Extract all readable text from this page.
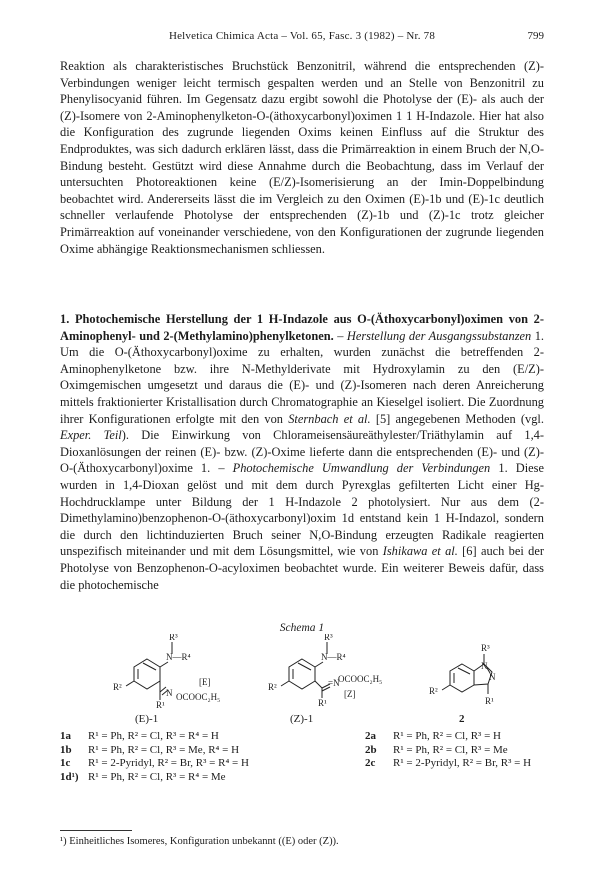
Helvetica Chimica Acta – Vol. 65, Fasc. 3 (1982) – Nr. 78	799
Reaktion als charakteristisches Bruchstück Benzonitril, während die entsprechenden (Z)-Verbindungen weniger leicht termisch gespalten werden und an Stelle von Benzonitril zu Phenylisocyanid führen. Im Gegensatz dazu ergibt sowohl die Photolyse der (E)- als auch der (Z)-Isomere von 2-Aminophenylketon-O-(äthoxycarbonyl)oximen 1 1 H-Indazole. Hier hat also die Konfiguration des zugrunde liegenden Oxims keinen Einfluss auf die Struktur des Endproduktes, was sich dadurch erklären lässt, dass die Primärreaktion in einem Bruch der N,O-Bindung besteht. Gestützt wird diese Annahme durch die Beobachtung, dass im Verlauf der untersuchten Photoreaktionen keine (E/Z)-Isomerisierung an der Imin-Doppelbindung beobachtet wird. Andererseits lässt die im Vergleich zu den Oximen (E)-1b und (E)-1c deutlich schneller verlaufende Photolyse der entsprechenden (Z)-1b und (Z)-1c trotz gleicher Primärreaktion auf voneinander verschiedene, von den Konfigurationen der zugrunde liegenden Oxime abhängige Reaktionsmechanismen schliessen.
1. Photochemische Herstellung der 1 H-Indazole aus O-(Äthoxycarbonyl)oximen von 2-Aminophenyl- und 2-(Methylamino)phenylketonen. – Herstellung der Ausgangssubstanzen 1. Um die O-(Äthoxycarbonyl)oxime zu erhalten, wurden zunächst die betreffenden 2-Aminophenylketone bzw. ihre N-Methylderivate mit Hydroxylamin zu den (E/Z)-Oximgemischen umgesetzt und daraus die (E)- und (Z)-Isomeren nach deren Anreicherung mittels fraktionierter Kristallisation durch Chromatographie an Kieselgel isoliert. Die Zuordnung ihrer Konfigurationen erfolgte mit den von Sternbach et al. [5] angegebenen Methoden (vgl. Exper. Teil). Die Einwirkung von Chlorameisensäureäthylester/Triäthylamin auf 1,4-Dioxanlösungen der reinen (E)- bzw. (Z)-Oxime lieferte dann die entsprechenden (E)- und (Z)-O-(Äthoxycarbonyl)oxime 1. – Photochemische Umwandlung der Verbindungen 1. Diese wurden in 1,4-Dioxan gelöst und mit dem durch Pyrexglas gefilterten Licht einer Hg-Hochdrucklampe unter Bildung der 1 H-Indazole 2 photolysiert. Nur aus dem (2-Dimethylamino)benzophenon-O-(äthoxycarbonyl)oxim 1d entstand kein 1 H-Indazol, sondern die durch den lichtinduzierten Bruch seiner N,O-Bindung erzeugten Radikale reagierten unspezifisch miteinander und mit dem Lösungsmittel, wie von Ishikawa et al. [6] auch bei der Photolyse von Benzophenon-O-acyloximen beobachtet wurde. Ein weiterer Beweis dafür, dass die photochemische
Schema 1
R³
N—R⁴
[E]
N OCOOC₂H₅
R¹
R²
R³
N—R⁴
=N
OCOOC₂H₅
[Z]
R¹
R²
R³
N
N
R¹
R²
(E)-1	(Z)-1	2
1a R¹ = Ph, R² = Cl, R³ = R⁴ = H
1b R¹ = Ph, R² = Cl, R³ = Me, R⁴ = H
1c R¹ = 2-Pyridyl, R² = Br, R³ = R⁴ = H
1d¹) R¹ = Ph, R² = Cl, R³ = R⁴ = Me
2a R¹ = Ph, R² = Cl, R³ = H
2b R¹ = Ph, R² = Cl, R³ = Me
2c R¹ = 2-Pyridyl, R² = Br, R³ = H
¹) Einheitliches Isomeres, Konfiguration unbekannt ((E) oder (Z)).
